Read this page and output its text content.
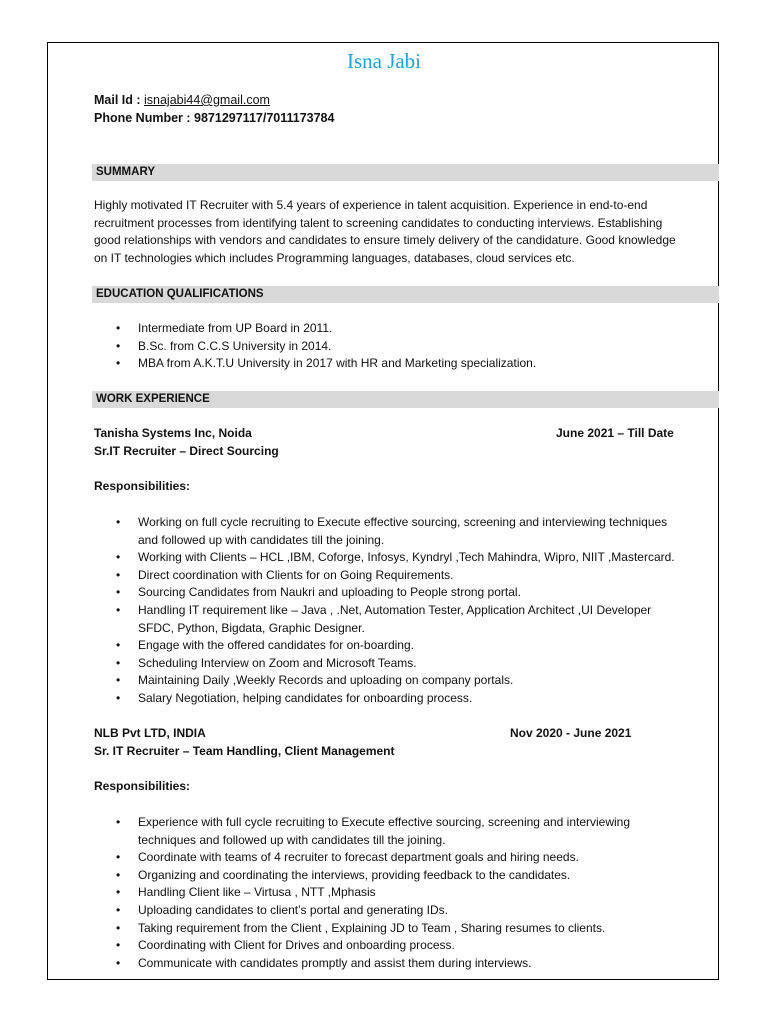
Isna Jabi
Mail Id : isnajabi44@gmail.com
Phone Number : 9871297117/7011173784
SUMMARY
Highly motivated IT Recruiter with 5.4 years of experience in talent acquisition. Experience in end-to-end
recruitment processes from identifying talent to screening candidates to conducting interviews. Establishing
good relationships with vendors and candidates to ensure timely delivery of the candidature. Good knowledge
on IT technologies which includes Programming languages, databases, cloud services etc.
EDUCATION QUALIFICATIONS
• Intermediate from UP Board in 2011.
• B.Sc. from C.C.S University in 2014.
• MBA from A.K.T.U University in 2017 with HR and Marketing specialization.
WORK EXPERIENCE
Tanisha Systems Inc, Noida	June 2021 – Till Date
Sr.IT Recruiter – Direct Sourcing
Responsibilities:
• Working on full cycle recruiting to Execute effective sourcing, screening and interviewing techniques
and followed up with candidates till the joining.
• Working with Clients – HCL ,IBM, Coforge, Infosys, Kyndryl ,Tech Mahindra, Wipro, NIIT ,Mastercard.
• Direct coordination with Clients for on Going Requirements.
• Sourcing Candidates from Naukri and uploading to People strong portal.
• Handling IT requirement like – Java , .Net, Automation Tester, Application Architect ,UI Developer
SFDC, Python, Bigdata, Graphic Designer.
• Engage with the offered candidates for on-boarding.
• Scheduling Interview on Zoom and Microsoft Teams.
• Maintaining Daily ,Weekly Records and uploading on company portals.
• Salary Negotiation, helping candidates for onboarding process.
NLB Pvt LTD, INDIA	Nov 2020 - June 2021
Sr. IT Recruiter – Team Handling, Client Management
Responsibilities:
• Experience with full cycle recruiting to Execute effective sourcing, screening and interviewing
techniques and followed up with candidates till the joining.
• Coordinate with teams of 4 recruiter to forecast department goals and hiring needs.
• Organizing and coordinating the interviews, providing feedback to the candidates.
• Handling Client like – Virtusa , NTT ,Mphasis
• Uploading candidates to client’s portal and generating IDs.
• Taking requirement from the Client , Explaining JD to Team , Sharing resumes to clients.
• Coordinating with Client for Drives and onboarding process.
• Communicate with candidates promptly and assist them during interviews.
